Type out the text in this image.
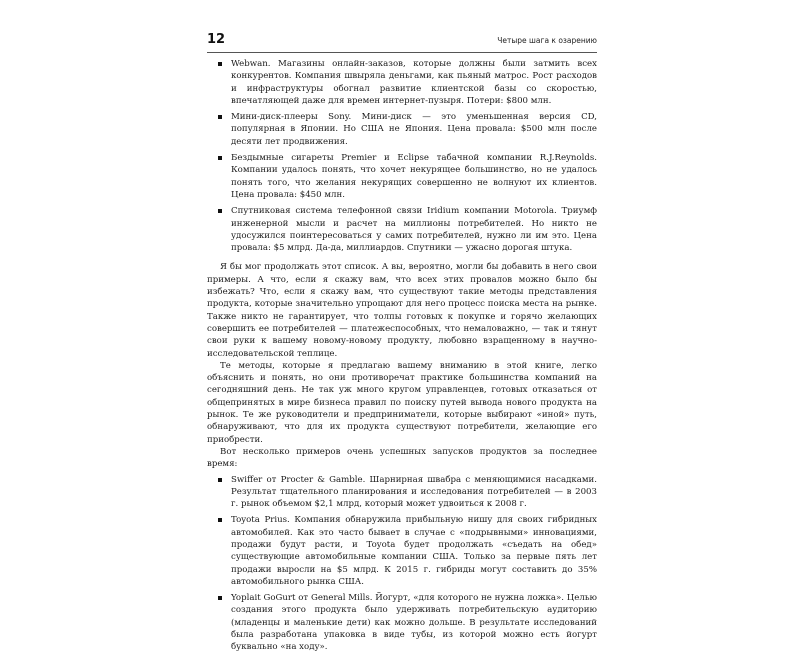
12	Четыре шага к озарению
Webwan. Магазины онлайн-заказов, которые должны были затмить всех конкурентов. Компания швыряла деньгами, как пьяный матрос. Рост расходов и инфраструктуры обогнал развитие клиентской базы со скоростью, впечатляющей даже для времен интернет-пузыря. Потери: $800 млн.
Мини-диск-плееры Sony. Мини-диск — это уменьшенная версия CD, популярная в Японии. Но США не Япония. Цена провала: $500 млн после десяти лет продвижения.
Бездымные сигареты Premier и Eclipse табачной компании R.J.Reynolds. Компании удалось понять, что хочет некурящее большинство, но не удалось понять того, что желания некурящих совершенно не волнуют их клиентов. Цена провала: $450 млн.
Спутниковая система телефонной связи Iridium компании Motorola. Триумф инженерной мысли и расчет на миллионы потребителей. Но никто не удосужился поинтересоваться у самих потребителей, нужно ли им это. Цена провала: $5 млрд. Да-да, миллиардов. Спутники — ужасно дорогая штука.

Я бы мог продолжать этот список. А вы, вероятно, могли бы добавить в него свои примеры. А что, если я скажу вам, что всех этих провалов можно было бы избежать? Что, если я скажу вам, что существуют такие методы представления продукта, которые значительно упрощают для него процесс поиска места на рынке. Также никто не гарантирует, что толпы готовых к покупке и горячо желающих совершить ее потребителей — платежеспособных, что немаловажно, — так и тянут свои руки к вашему новому-новому продукту, любовно взращенному в научно-исследовательской теплице.

Те методы, которые я предлагаю вашему вниманию в этой книге, легко объяснить и понять, но они противоречат практике большинства компаний на сегодняшний день. Не так уж много кругом управленцев, готовых отказаться от общепринятых в мире бизнеса правил по поиску путей вывода нового продукта на рынок. Те же руководители и предприниматели, которые выбирают «иной» путь, обнаруживают, что для их продукта существуют потребители, желающие его приобрести.

Вот несколько примеров очень успешных запусков продуктов за последнее время:

Swiffer от Procter & Gamble. Шарнирная швабра с меняющимися насадками. Результат тщательного планирования и исследования потребителей — в 2003 г. рынок объемом $2,1 млрд, который может удвоиться к 2008 г.
Toyota Prius. Компания обнаружила прибыльную нишу для своих гибридных автомобилей. Как это часто бывает в случае с «подрывными» инновациями, продажи будут расти, и Toyota будет продолжать «съедать на обед» существующие автомобильные компании США. Только за первые пять лет продажи выросли на $5 млрд. К 2015 г. гибриды могут составить до 35% автомобильного рынка США.
Yoplait GoGurt от General Mills. Йогурт, «для которого не нужна ложка». Целью создания этого продукта было удерживать потребительскую аудиторию (младенцы и маленькие дети) как можно дольше. В результате исследований была разработана упаковка в виде тубы, из которой можно есть йогурт буквально «на ходу».
